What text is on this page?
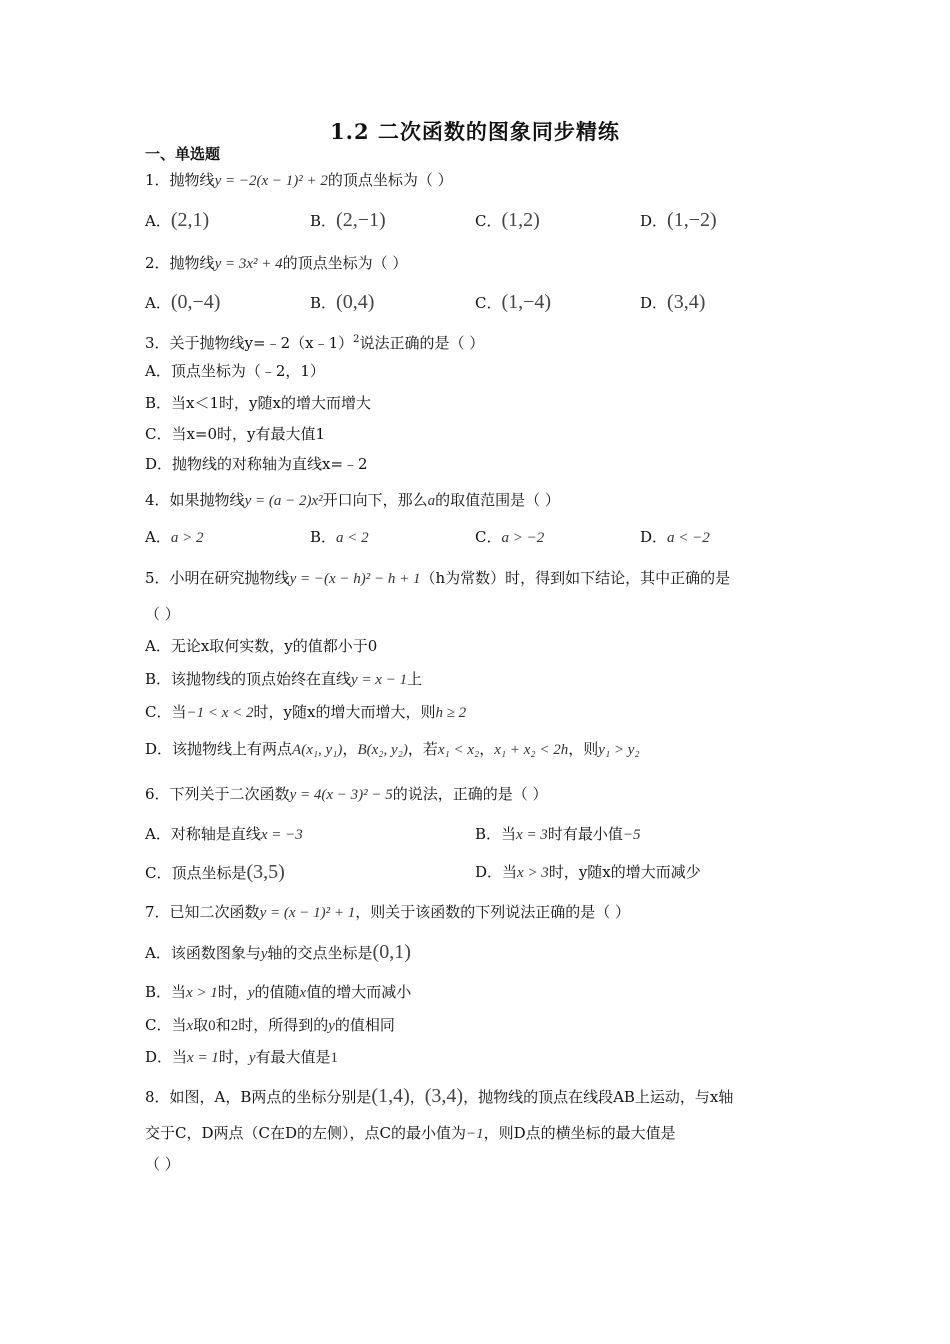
1.2 二次函数的图象同步精练
一、单选题
1．抛物线y = −2(x − 1)² + 2的顶点坐标为（ ）
A．(2,1)	B．(2,−1)	C．(1,2)	D．(1,−2)
2．抛物线y = 3x² + 4的顶点坐标为（ ）
A．(0,−4)	B．(0,4)	C．(1,−4)	D．(3,4)
3．关于抛物线y=﹣2（x﹣1）$^2$说法正确的是（ ）
A．顶点坐标为（﹣2，1）
B．当x＜1时，y随x的增大而增大
C．当x=0时，y有最大值1
D．抛物线的对称轴为直线x=﹣2
4．如果抛物线y = (a − 2)x²开口向下，那么a的取值范围是（ ）
A．a > 2	B．a < 2	C．a > −2	D．a < −2
5．小明在研究抛物线y = −(x − h)² − h + 1（h为常数）时，得到如下结论，其中正确的是
（ ）
A．无论x取何实数，y的值都小于0
B．该抛物线的顶点始终在直线y = x − 1上
C．当−1 < x < 2时，y随x的增大而增大，则h ≥ 2
D．该抛物线上有两点A(x₁, y₁)，B(x₂, y₂)，若x₁ < x₂，x₁ + x₂ < 2h，则y₁ > y₂
6．下列关于二次函数y = 4(x − 3)² − 5的说法，正确的是（ ）
A．对称轴是直线x = −3	B．当x = 3时有最小值−5
C．顶点坐标是(3,5)	D．当x > 3时，y随x的增大而减少
7．已知二次函数y = (x − 1)² + 1，则关于该函数的下列说法正确的是（ ）
A．该函数图象与y轴的交点坐标是(0,1)
B．当x > 1时，y的值随x值的增大而减小
C．当x取0和2时，所得到的y的值相同
D．当x = 1时，y有最大值是1
8．如图，A，B两点的坐标分别是(1,4)，(3,4)，抛物线的顶点在线段AB上运动，与x轴
交于C，D两点（C在D的左侧），点C的最小值为−1，则D点的横坐标的最大值是
（ ）
